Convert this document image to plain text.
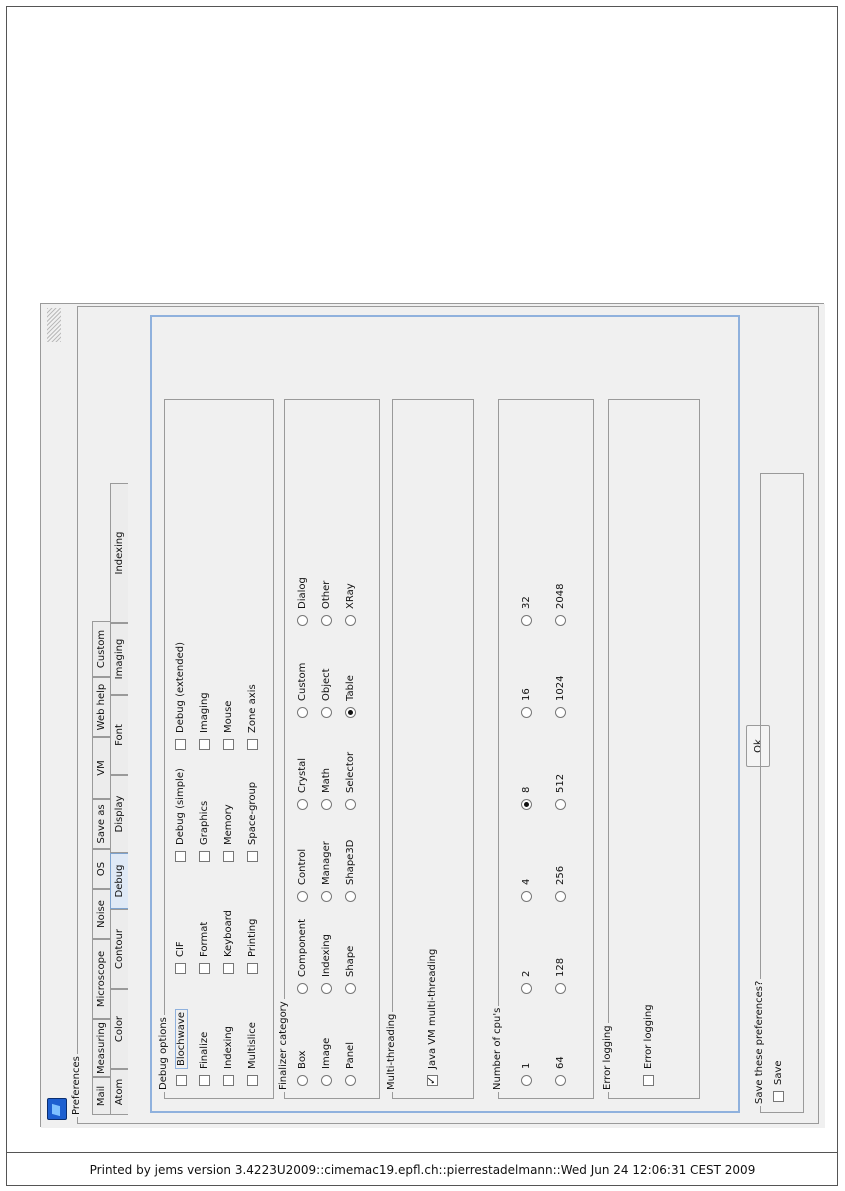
Preferences	Mail
Measuring
Microscope
Noise
OS
Save as
VM
Web help
Custom
Atom
Color
Contour
Debug
Display
Font
Imaging
Indexing
Debug options Blochwave
CIF
Debug (simple)
Debug (extended)
Finalize
Format
Graphics
Imaging
Indexing
Keyboard
Memory
Mouse
Multislice
Printing
Space-group
Zone axis
Finalizer category Box
Component
Control
Crystal
Custom
Dialog
Image
Indexing
Manager
Math
Object
Other
Panel
Shape
Shape3D
Selector
Table
XRay
Multi-threading
✓	Java VM multi-threading	Number of cpu's 1
2
4
8
16
32
64
128
256
512
1024
2048
Error logging	Error logging
Ok
Save these preferences? Save
Printed by jems version 3.4223U2009::cimemac19.epfl.ch::pierrestadelmann::Wed Jun 24 12:06:31 CEST 2009
